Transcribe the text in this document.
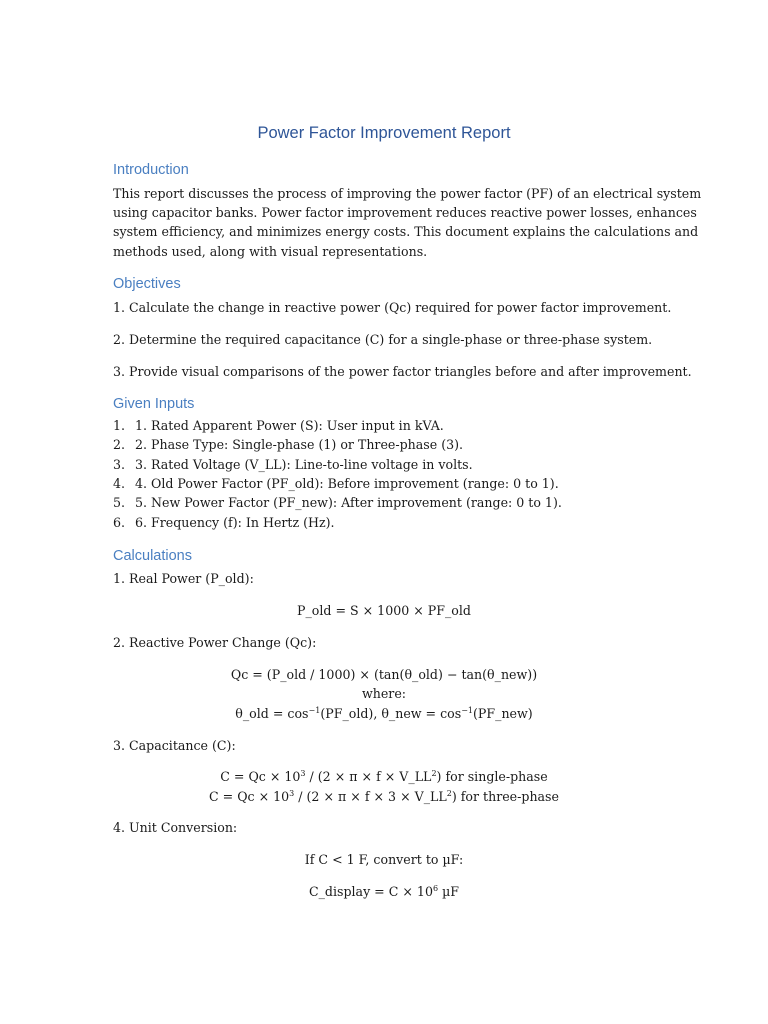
Power Factor Improvement Report
Introduction
This report discusses the process of improving the power factor (PF) of an electrical system
using capacitor banks. Power factor improvement reduces reactive power losses, enhances
system efficiency, and minimizes energy costs. This document explains the calculations and
methods used, along with visual representations.
Objectives
1. Calculate the change in reactive power (Qc) required for power factor improvement.
2. Determine the required capacitance (C) for a single-phase or three-phase system.
3. Provide visual comparisons of the power factor triangles before and after improvement.
Given Inputs
1. 1. Rated Apparent Power (S): User input in kVA.
2. 2. Phase Type: Single-phase (1) or Three-phase (3).
3. 3. Rated Voltage (V_LL): Line-to-line voltage in volts.
4. 4. Old Power Factor (PF_old): Before improvement (range: 0 to 1).
5. 5. New Power Factor (PF_new): After improvement (range: 0 to 1).
6. 6. Frequency (f): In Hertz (Hz).
Calculations
1. Real Power (P_old):
P_old = S × 1000 × PF_old
2. Reactive Power Change (Qc):
Qc = (P_old / 1000) × (tan(θ_old) − tan(θ_new))
where:
θ_old = $\cos^{-1}(PF\_old)$, θ_new = $\cos^{-1}(PF\_new)$
3. Capacitance (C):
$C = Qc \times 10^3 / (2 \times \pi \times f$ × $V\_LL^2$) for single-phase
$C = Qc \times 10^3 / (2 \times \pi \times f \times 3$ × $V\_LL^2$) for three-phase
4. Unit Conversion:
If C < 1 F, convert to µF:
C_display = $C \times 10^6$ µF
